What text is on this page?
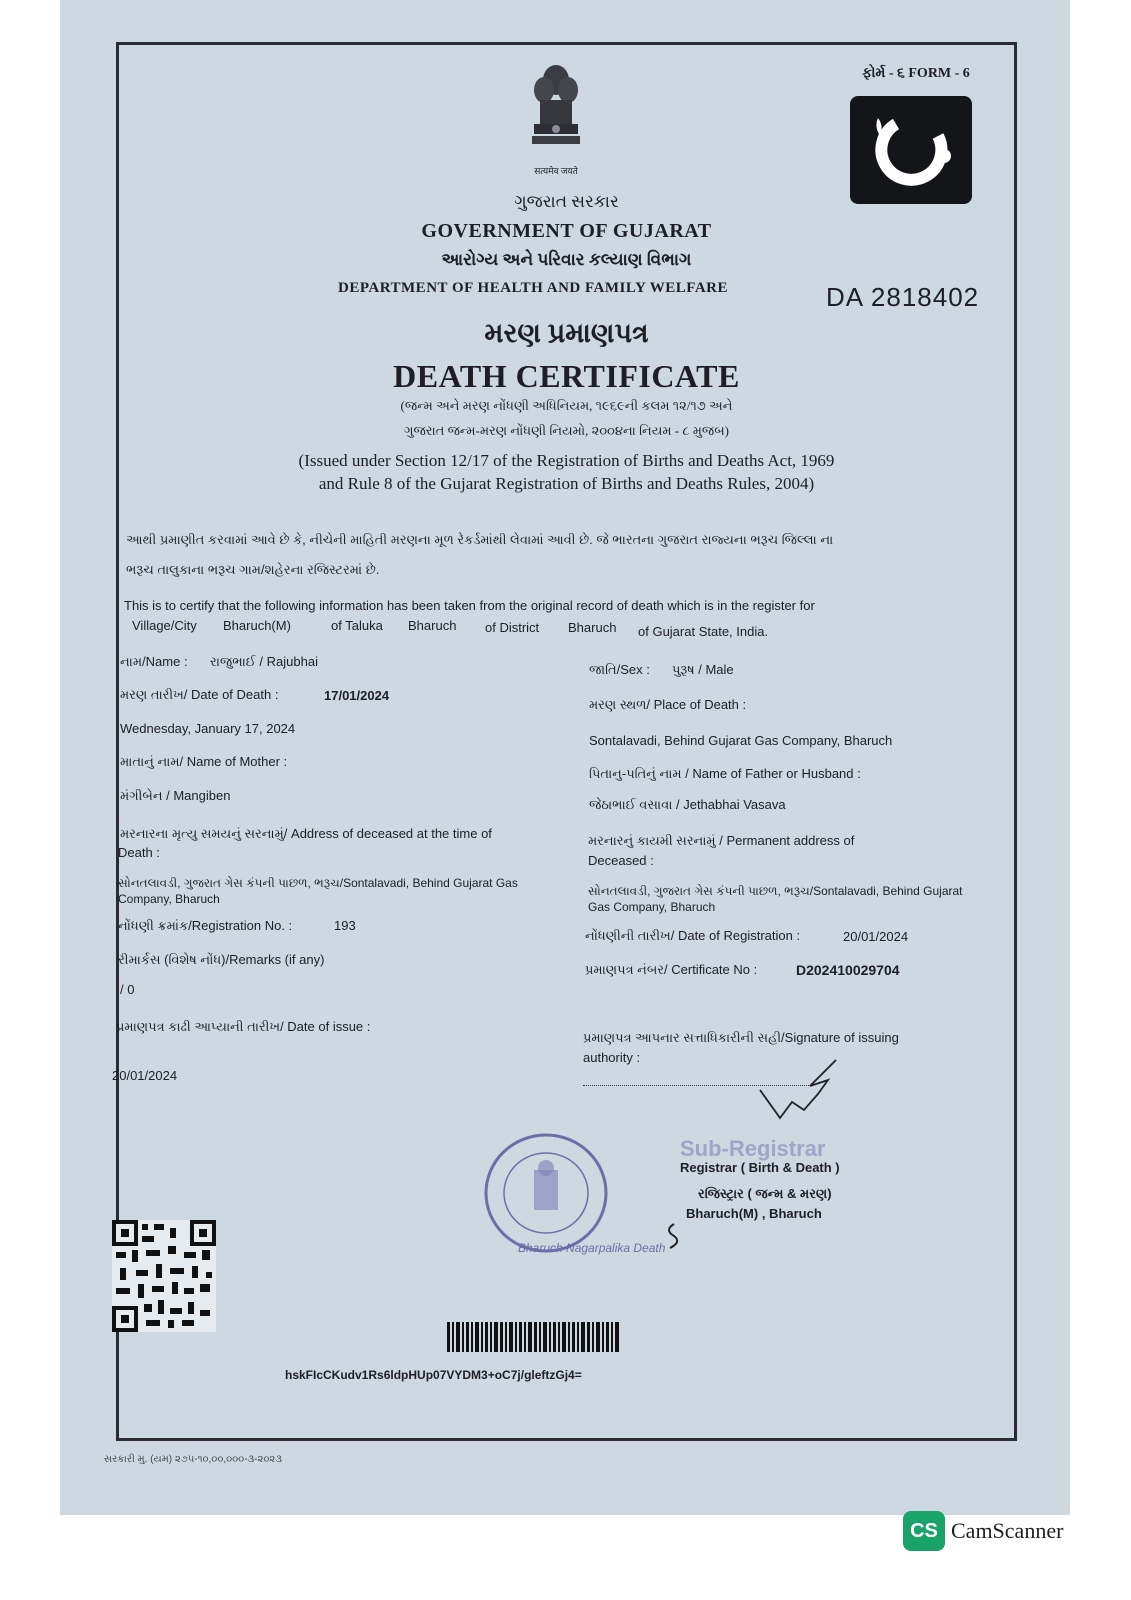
सत्यमेव जयते
ફોર્મ - ૬ FORM - 6
ગુજરાત સરકાર
GOVERNMENT OF GUJARAT
આરોગ્ય અને પરિવાર કલ્યાણ વિભાગ
DEPARTMENT OF HEALTH AND FAMILY WELFARE	DA 2818402
મરણ પ્રમાણપત્ર
DEATH CERTIFICATE
(જન્મ અને મરણ નોંધણી અધિનિયમ, ૧૯૬૯ની કલમ ૧૨/૧૭ અને
ગુજરાત જન્મ-મરણ નોંધણી નિયમો, ૨૦૦૪ના નિયમ - ૮ મુજબ)
(Issued under Section 12/17 of the Registration of Births and Deaths Act, 1969
and Rule 8 of the Gujarat Registration of Births and Deaths Rules, 2004)
આથી પ્રમાણીત કરવામાં આવે છે કે, નીચેની માહિતી મરણના મૂળ રેકર્ડમાંથી લેવામાં આવી છે. જે ભારતના ગુજરાત રાજ્યના ભરૂચ જિલ્લા ના
ભરૂચ તાલુકાના ભરૂચ ગામ/શહેરના રજિસ્ટરમાં છે.
This is to certify that the following information has been taken from the original record of death which is in the register for
Village/City Bharuch(M)	of Taluka Bharuch of District Bharuch of Gujarat State, India.
નામ/Name : રાજુભાઈ / Rajubhai
મરણ તારીખ/ Date of Death :	17/01/2024
Wednesday, January 17, 2024
માતાનું નામ/ Name of Mother :
મંગીબેન / Mangiben
મરનારના મૃત્યુ સમયનું સરનામું/ Address of deceased at the time of
Death :
સોનતલાવડી, ગુજરાત ગેસ કંપની પાછળ, ભરૂચ/Sontalavadi, Behind Gujarat Gas
Company, Bharuch
નોંધણી ક્રમાંક/Registration No. :	193
રીમાર્કસ (વિશેષ નોંધ)/Remarks (if any)
/ 0
પ્રમાણપત્ર કાઢી આપ્યાની તારીખ/ Date of issue :
20/01/2024
જાતિ/Sex : પુરૂષ / Male
મરણ સ્થળ/ Place of Death :
Sontalavadi, Behind Gujarat Gas Company, Bharuch
પિતાનુ-પતિનું નામ / Name of Father or Husband :
જેઠાભાઈ વસાવા / Jethabhai Vasava
મરનારનું કાયમી સરનામું / Permanent address of
Deceased :
સોનતલાવડી, ગુજરાત ગેસ કંપની પાછળ, ભરૂચ/Sontalavadi, Behind Gujarat
Gas Company, Bharuch
નોંધણીની તારીખ/ Date of Registration :	20/01/2024
પ્રમાણપત્ર નંબર/ Certificate No :	D202410029704
પ્રમાણપત્ર આપનાર સત્તાધિકારીની સહી/Signature of issuing
authority :
Bharuch Nagarpalika Death
Sub-Registrar
Registrar ( Birth & Death )
રજિસ્ટ્રાર ( જન્મ & મરણ)
Bharuch(M) , Bharuch
hskFIcCKudv1Rs6ldpHUp07VYDM3+oC7j/gleftzGj4=
સરકારી મુ. (યમ) ૨૭૫-૧૦,૦૦,૦૦૦-૩-૨૦૨૩
CS CamScanner
